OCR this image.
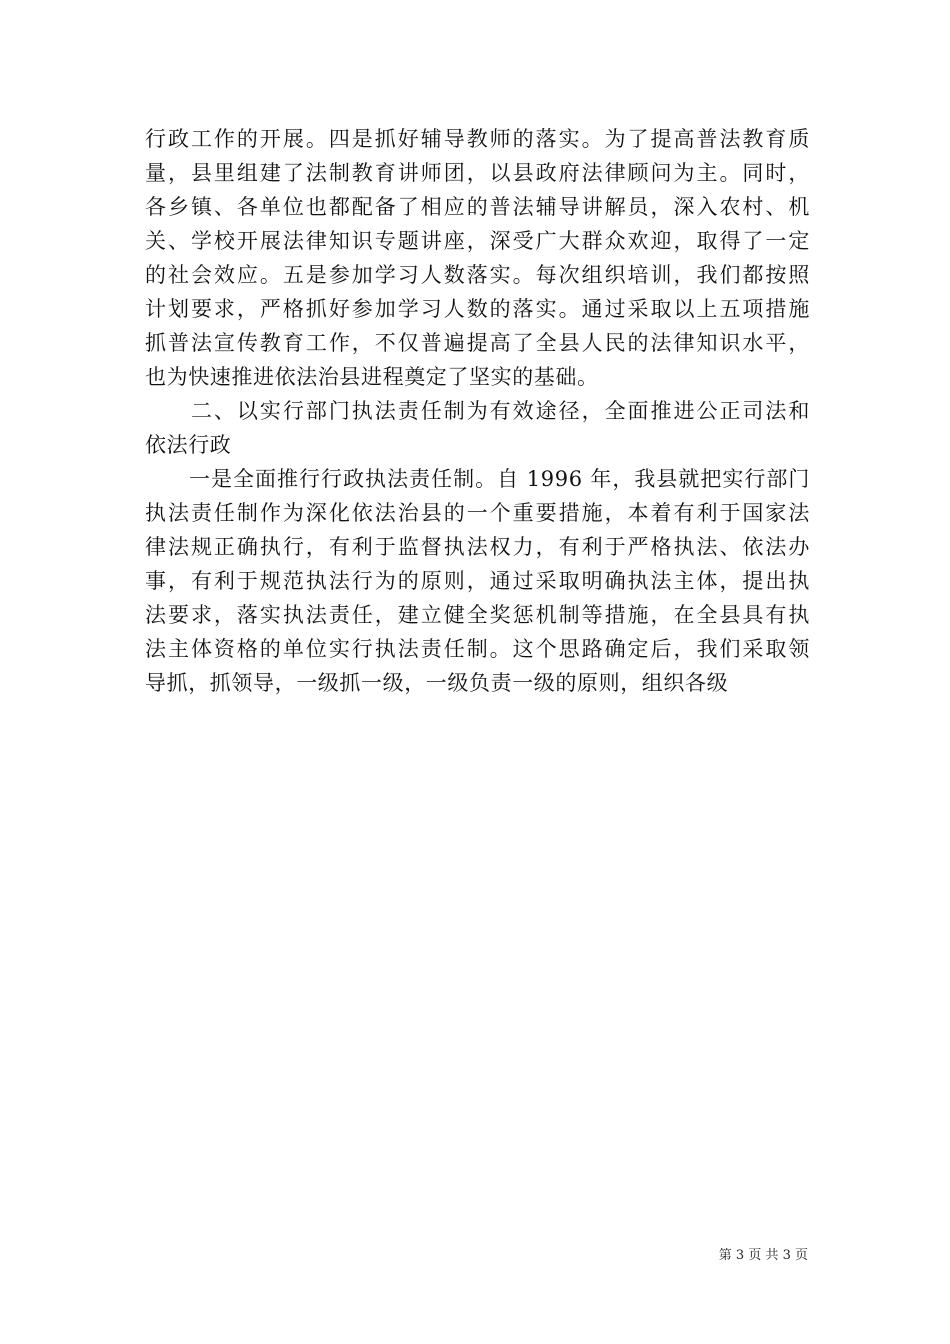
行政工作的开展。四是抓好辅导教师的落实。为了提高普法教育质
量，县里组建了法制教育讲师团，以县政府法律顾问为主。同时，
各乡镇、各单位也都配备了相应的普法辅导讲解员，深入农村、机
关、学校开展法律知识专题讲座，深受广大群众欢迎，取得了一定
的社会效应。五是参加学习人数落实。每次组织培训，我们都按照
计划要求，严格抓好参加学习人数的落实。通过采取以上五项措施
抓普法宣传教育工作，不仅普遍提高了全县人民的法律知识水平，
也为快速推进依法治县进程奠定了坚实的基础。
　　二、以实行部门执法责任制为有效途径，全面推进公正司法和
依法行政
　　一是全面推行行政执法责任制。自 1996 年，我县就把实行部门
执法责任制作为深化依法治县的一个重要措施，本着有利于国家法
律法规正确执行，有利于监督执法权力，有利于严格执法、依法办
事，有利于规范执法行为的原则，通过采取明确执法主体，提出执
法要求，落实执法责任，建立健全奖惩机制等措施，在全县具有执
法主体资格的单位实行执法责任制。这个思路确定后，我们采取领
导抓，抓领导，一级抓一级，一级负责一级的原则，组织各级
第 3 页 共 3 页
